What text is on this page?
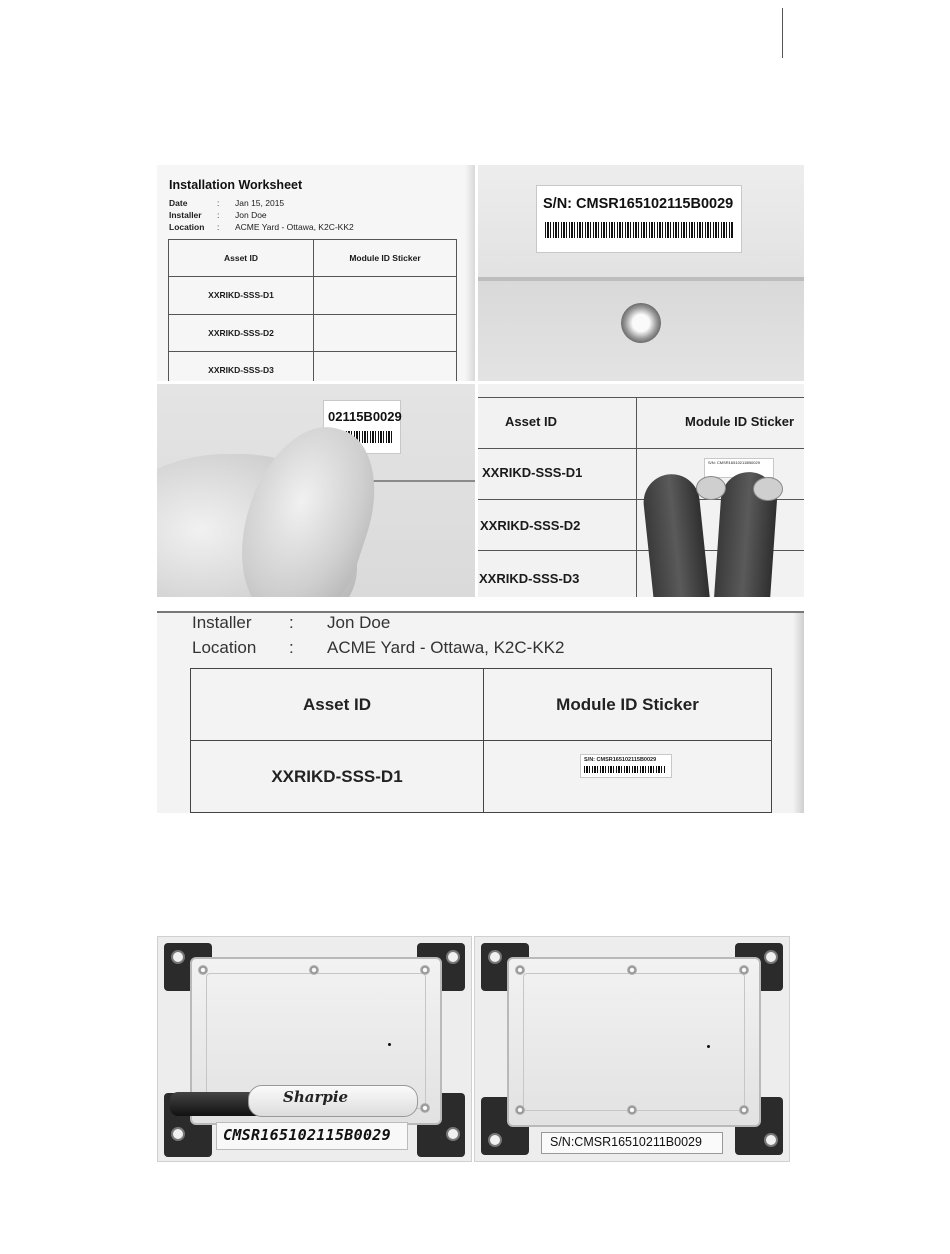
Installation Worksheet
Date	: Jan 15, 2015
Installer : Jon Doe
Location : ACME Yard - Ottawa, K2C-KK2
Asset ID	Module ID Sticker
XXRIKD-SSS-D1	
XXRIKD-SSS-D2	
XXRIKD-SSS-D3	
S/N: CMSR165102115B0029
02115B0029	Asset ID	Module ID Sticker
XXRIKD-SSS-D1
XXRIKD-SSS-D2
XXRIKD-SSS-D3
S/N: CMSR165102115B0029
Installer : Jon Doe
Location : ACME Yard - Ottawa, K2C-KK2
Asset ID	Module ID Sticker
XXRIKD-SSS-D1	

S/N: CMSR165102115B0029
Sharpie
CMSR165102115B0029	S/N:CMSR16510211B0029
